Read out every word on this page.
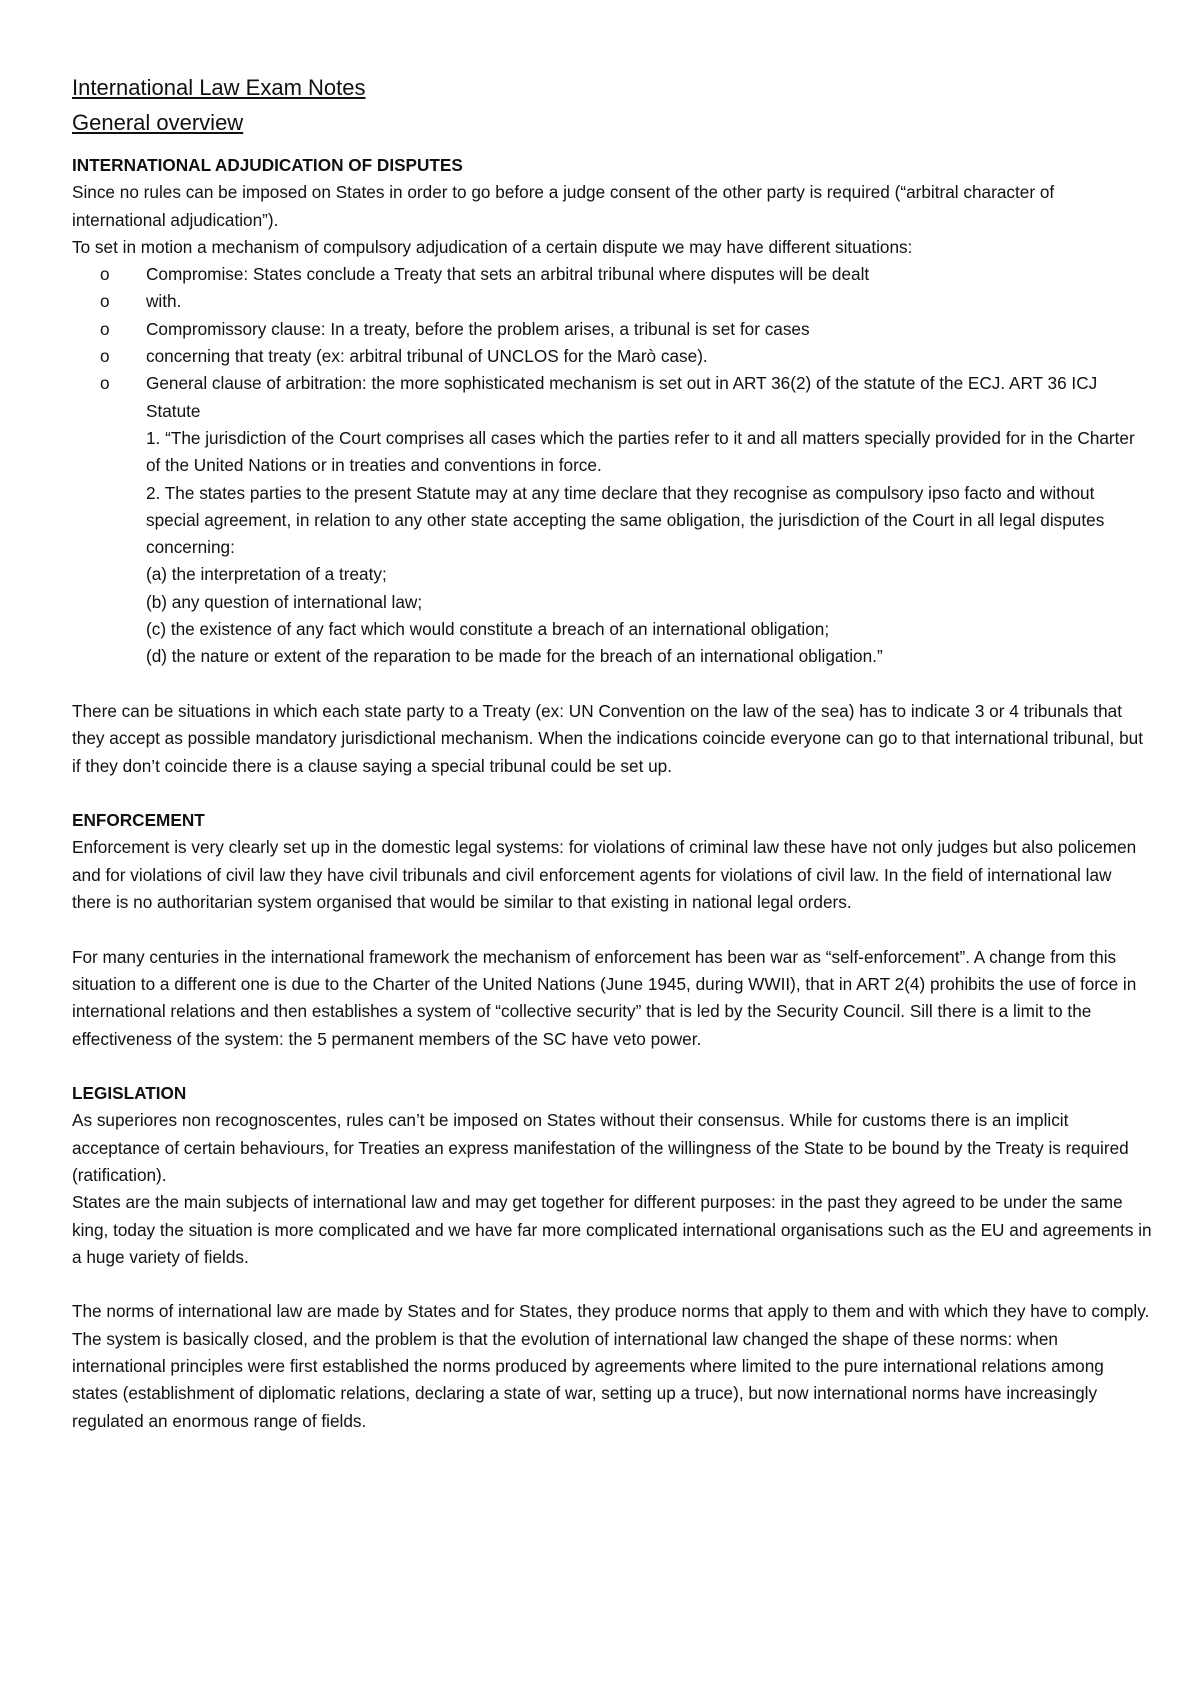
International Law Exam Notes
General overview

INTERNATIONAL ADJUDICATION OF DISPUTES

Since no rules can be imposed on States in order to go before a judge consent of the other party is required (“arbitral character of international adjudication”).

To set in motion a mechanism of compulsory adjudication of a certain dispute we may have different situations:

o	Compromise: States conclude a Treaty that sets an arbitral tribunal where disputes will be dealt
o	with.
o	Compromissory clause: In a treaty, before the problem arises, a tribunal is set for cases
o	concerning that treaty (ex: arbitral tribunal of UNCLOS for the Marò case).
o	General clause of arbitration: the more sophisticated mechanism is set out in ART 36(2) of the statute of the ECJ. ART 36 ICJ Statute

1. “The jurisdiction of the Court comprises all cases which the parties refer to it and all matters specially provided for in the Charter of the United Nations or in treaties and conventions in force.

2. The states parties to the present Statute may at any time declare that they recognise as compulsory ipso facto and without special agreement, in relation to any other state accepting the same obligation, the jurisdiction of the Court in all legal disputes concerning:

(a) the interpretation of a treaty;

(b) any question of international law;

(c) the existence of any fact which would constitute a breach of an international obligation;

(d) the nature or extent of the reparation to be made for the breach of an international obligation.”

There can be situations in which each state party to a Treaty (ex: UN Convention on the law of the sea) has to indicate 3 or 4 tribunals that they accept as possible mandatory jurisdictional mechanism. When the indications coincide everyone can go to that international tribunal, but if they don’t coincide there is a clause saying a special tribunal could be set up.

ENFORCEMENT

Enforcement is very clearly set up in the domestic legal systems: for violations of criminal law these have not only judges but also policemen and for violations of civil law they have civil tribunals and civil enforcement agents for violations of civil law. In the field of international law there is no authoritarian system organised that would be similar to that existing in national legal orders.

For many centuries in the international framework the mechanism of enforcement has been war as “self-enforcement”. A change from this situation to a different one is due to the Charter of the United Nations (June 1945, during WWII), that in ART 2(4) prohibits the use of force in international relations and then establishes a system of “collective security” that is led by the Security Council. Sill there is a limit to the effectiveness of the system: the 5 permanent members of the SC have veto power.

LEGISLATION

As superiores non recognoscentes, rules can’t be imposed on States without their consensus. While for customs there is an implicit acceptance of certain behaviours, for Treaties an express manifestation of the willingness of the State to be bound by the Treaty is required (ratification).

States are the main subjects of international law and may get together for different purposes: in the past they agreed to be under the same king, today the situation is more complicated and we have far more complicated international organisations such as the EU and agreements in a huge variety of fields.

The norms of international law are made by States and for States, they produce norms that apply to them and with which they have to comply. The system is basically closed, and the problem is that the evolution of international law changed the shape of these norms: when international principles were first established the norms produced by agreements where limited to the pure international relations among states (establishment of diplomatic relations, declaring a state of war, setting up a truce), but now international norms have increasingly regulated an enormous range of fields.
